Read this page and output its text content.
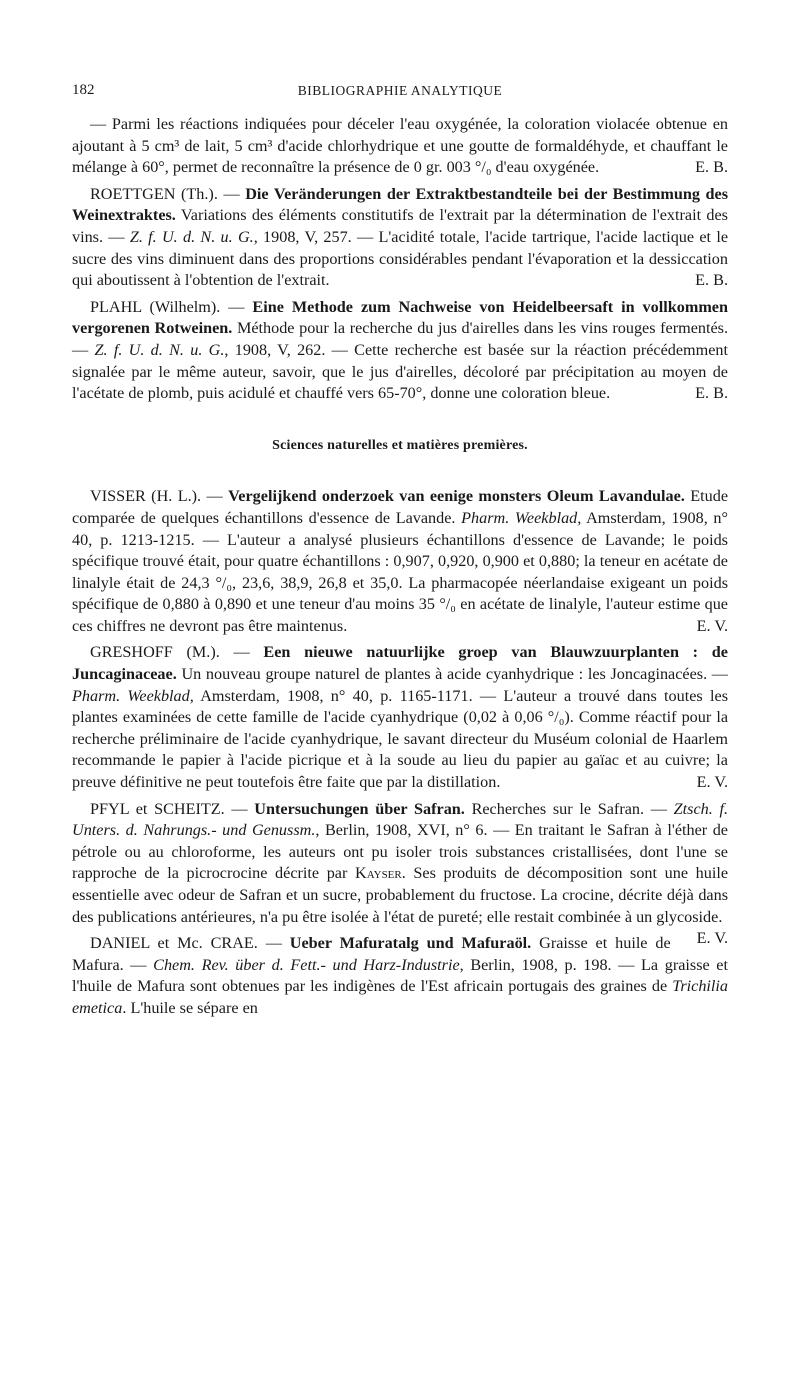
182	BIBLIOGRAPHIE ANALYTIQUE

— Parmi les réactions indiquées pour déceler l'eau oxygénée, la coloration violacée obtenue en ajoutant à 5 cm³ de lait, 5 cm³ d'acide chlorhydrique et une goutte de formaldéhyde, et chauffant le mélange à 60°, permet de reconnaître la présence de 0 gr. 003 °/₀ d'eau oxygénée.	E. B.

ROETTGEN (Th.). — Die Veränderungen der Extraktbestandteile bei der Bestimmung des Weinextraktes. Variations des éléments constitutifs de l'extrait par la détermination de l'extrait des vins. — Z. f. U. d. N. u. G., 1908, V, 257. — L'acidité totale, l'acide tartrique, l'acide lactique et le sucre des vins diminuent dans des proportions considérables pendant l'évaporation et la dessiccation qui aboutissent à l'obtention de l'extrait.	E. B.

PLAHL (Wilhelm). — Eine Methode zum Nachweise von Heidelbeersaft in vollkommen vergorenen Rotweinen. Méthode pour la recherche du jus d'airelles dans les vins rouges fermentés. — Z. f. U. d. N. u. G., 1908, V, 262. — Cette recherche est basée sur la réaction précédemment signalée par le même auteur, savoir, que le jus d'airelles, décoloré par précipitation au moyen de l'acétate de plomb, puis acidulé et chauffé vers 65-70°, donne une coloration bleue.	E. B.

Sciences naturelles et matières premières.

VISSER (H. L.). — Vergelijkend onderzoek van eenige monsters Oleum Lavandulae. Etude comparée de quelques échantillons d'essence de Lavande. Pharm. Weekblad, Amsterdam, 1908, n° 40, p. 1213-1215. — L'auteur a analysé plusieurs échantillons d'essence de Lavande; le poids spécifique trouvé était, pour quatre échantillons : 0,907, 0,920, 0,900 et 0,880; la teneur en acétate de linalyle était de 24,3 °/₀, 23,6, 38,9, 26,8 et 35,0. La pharmacopée néerlandaise exigeant un poids spécifique de 0,880 à 0,890 et une teneur d'au moins 35 °/₀ en acétate de linalyle, l'auteur estime que ces chiffres ne devront pas être maintenus.	E. V.

GRESHOFF (M.). — Een nieuwe natuurlijke groep van Blauwzuurplanten : de Juncaginaceae. Un nouveau groupe naturel de plantes à acide cyanhydrique : les Joncaginacées. — Pharm. Weekblad, Amsterdam, 1908, n° 40, p. 1165-1171. — L'auteur a trouvé dans toutes les plantes examinées de cette famille de l'acide cyanhydrique (0,02 à 0,06 °/₀). Comme réactif pour la recherche préliminaire de l'acide cyanhydrique, le savant directeur du Muséum colonial de Haarlem recommande le papier à l'acide picrique et à la soude au lieu du papier au gaïac et au cuivre; la preuve définitive ne peut toutefois être faite que par la distillation.	E. V.

PFYL et SCHEITZ. — Untersuchungen über Safran. Recherches sur le Safran. — Ztsch. f. Unters. d. Nahrungs.- und Genussm., Berlin, 1908, XVI, n° 6. — En traitant le Safran à l'éther de pétrole ou au chloroforme, les auteurs ont pu isoler trois substances cristallisées, dont l'une se rapproche de la picrocrocine décrite par Kayser. Ses produits de décomposition sont une huile essentielle avec odeur de Safran et un sucre, probablement du fructose. La crocine, décrite déjà dans des publications antérieures, n'a pu être isolée à l'état de pureté; elle restait combinée à un glycoside.
E. V.

DANIEL et Mc. CRAE. — Ueber Mafuratalg und Mafuraöl. Graisse et huile de Mafura. — Chem. Rev. über d. Fett.- und Harz-Industrie, Berlin, 1908, p. 198. — La graisse et l'huile de Mafura sont obtenues par les indigènes de l'Est africain portugais des graines de Trichilia emetica. L'huile se sépare en
